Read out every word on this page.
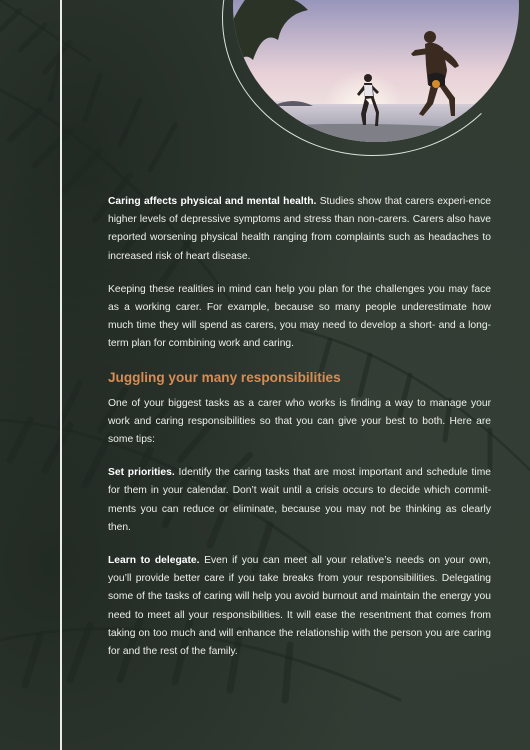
Caring affects physical and mental health. Studies show that carers experi-ence higher levels of depressive symptoms and stress than non-carers. Carers also have reported worsening physical health ranging from complaints such as headaches to increased risk of heart disease.

Keeping these realities in mind can help you plan for the challenges you may face as a working carer. For example, because so many people underestimate how much time they will spend as carers, you may need to develop a short- and a long-term plan for combining work and caring.

Juggling your many responsibilities

One of your biggest tasks as a carer who works is finding a way to manage your work and caring responsibilities so that you can give your best to both. Here are some tips:

Set priorities. Identify the caring tasks that are most important and schedule time for them in your calendar. Don’t wait until a crisis occurs to decide which commit-ments you can reduce or eliminate, because you may not be thinking as clearly then.

Learn to delegate. Even if you can meet all your relative’s needs on your own, you’ll provide better care if you take breaks from your responsibilities. Delegating some of the tasks of caring will help you avoid burnout and maintain the energy you need to meet all your responsibilities. It will ease the resentment that comes from taking on too much and will enhance the relationship with the person you are caring for and the rest of the family.
